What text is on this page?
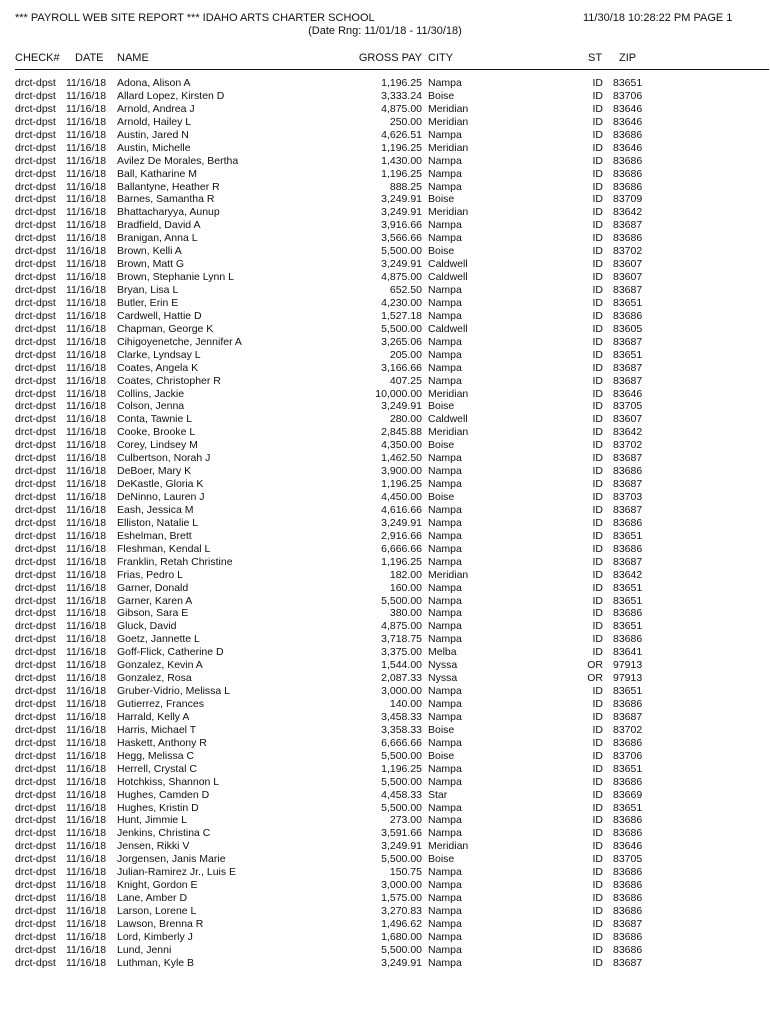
*** PAYROLL WEB SITE REPORT *** IDAHO ARTS CHARTER SCHOOL	11/30/18 10:28:22 PM PAGE 1
(Date Rng: 11/01/18 - 11/30/18)
CHECK# DATE NAME	GROSS PAY CITY	ST ZIP
drct-dpst 11/16/18 Adona, Alison A	1,196.25 Nampa	ID 83651
drct-dpst 11/16/18 Allard Lopez, Kirsten D	3,333.24 Boise	ID 83706
drct-dpst 11/16/18 Arnold, Andrea J	4,875.00 Meridian	ID 83646
drct-dpst 11/16/18 Arnold, Hailey L	250.00 Meridian	ID 83646
drct-dpst 11/16/18 Austin, Jared N	4,626.51 Nampa	ID 83686
drct-dpst 11/16/18 Austin, Michelle	1,196.25 Meridian	ID 83646
drct-dpst 11/16/18 Avilez De Morales, Bertha	1,430.00 Nampa	ID 83686
drct-dpst 11/16/18 Ball, Katharine M	1,196.25 Nampa	ID 83686
drct-dpst 11/16/18 Ballantyne, Heather R	888.25 Nampa	ID 83686
drct-dpst 11/16/18 Barnes, Samantha R	3,249.91 Boise	ID 83709
drct-dpst 11/16/18 Bhattacharyya, Aunup	3,249.91 Meridian	ID 83642
drct-dpst 11/16/18 Bradfield, David A	3,916.66 Nampa	ID 83687
drct-dpst 11/16/18 Branigan, Anna L	3,566.66 Nampa	ID 83686
drct-dpst 11/16/18 Brown, Kelli A	5,500.00 Boise	ID 83702
drct-dpst 11/16/18 Brown, Matt G	3,249.91 Caldwell	ID 83607
drct-dpst 11/16/18 Brown, Stephanie Lynn L	4,875.00 Caldwell	ID 83607
drct-dpst 11/16/18 Bryan, Lisa L	652.50 Nampa	ID 83687
drct-dpst 11/16/18 Butler, Erin E	4,230.00 Nampa	ID 83651
drct-dpst 11/16/18 Cardwell, Hattie D	1,527.18 Nampa	ID 83686
drct-dpst 11/16/18 Chapman, George K	5,500.00 Caldwell	ID 83605
drct-dpst 11/16/18 Cihigoyenetche, Jennifer A	3,265.06 Nampa	ID 83687
drct-dpst 11/16/18 Clarke, Lyndsay L	205.00 Nampa	ID 83651
drct-dpst 11/16/18 Coates, Angela K	3,166.66 Nampa	ID 83687
drct-dpst 11/16/18 Coates, Christopher R	407.25 Nampa	ID 83687
drct-dpst 11/16/18 Collins, Jackie	10,000.00 Meridian	ID 83646
drct-dpst 11/16/18 Colson, Jenna	3,249.91 Boise	ID 83705
drct-dpst 11/16/18 Conta, Tawnie L	280.00 Caldwell	ID 83607
drct-dpst 11/16/18 Cooke, Brooke L	2,845.88 Meridian	ID 83642
drct-dpst 11/16/18 Corey, Lindsey M	4,350.00 Boise	ID 83702
drct-dpst 11/16/18 Culbertson, Norah J	1,462.50 Nampa	ID 83687
drct-dpst 11/16/18 DeBoer, Mary K	3,900.00 Nampa	ID 83686
drct-dpst 11/16/18 DeKastle, Gloria K	1,196.25 Nampa	ID 83687
drct-dpst 11/16/18 DeNinno, Lauren J	4,450.00 Boise	ID 83703
drct-dpst 11/16/18 Eash, Jessica M	4,616.66 Nampa	ID 83687
drct-dpst 11/16/18 Elliston, Natalie L	3,249.91 Nampa	ID 83686
drct-dpst 11/16/18 Eshelman, Brett	2,916.66 Nampa	ID 83651
drct-dpst 11/16/18 Fleshman, Kendal L	6,666.66 Nampa	ID 83686
drct-dpst 11/16/18 Franklin, Retah Christine	1,196.25 Nampa	ID 83687
drct-dpst 11/16/18 Frias, Pedro L	182.00 Meridian	ID 83642
drct-dpst 11/16/18 Garner, Donald	160.00 Nampa	ID 83651
drct-dpst 11/16/18 Garner, Karen A	5,500.00 Nampa	ID 83651
drct-dpst 11/16/18 Gibson, Sara E	380.00 Nampa	ID 83686
drct-dpst 11/16/18 Gluck, David	4,875.00 Nampa	ID 83651
drct-dpst 11/16/18 Goetz, Jannette L	3,718.75 Nampa	ID 83686
drct-dpst 11/16/18 Goff-Flick, Catherine D	3,375.00 Melba	ID 83641
drct-dpst 11/16/18 Gonzalez, Kevin A	1,544.00 Nyssa	OR 97913
drct-dpst 11/16/18 Gonzalez, Rosa	2,087.33 Nyssa	OR 97913
drct-dpst 11/16/18 Gruber-Vidrio, Melissa L	3,000.00 Nampa	ID 83651
drct-dpst 11/16/18 Gutierrez, Frances	140.00 Nampa	ID 83686
drct-dpst 11/16/18 Harrald, Kelly A	3,458.33 Nampa	ID 83687
drct-dpst 11/16/18 Harris, Michael T	3,358.33 Boise	ID 83702
drct-dpst 11/16/18 Haskett, Anthony R	6,666.66 Nampa	ID 83686
drct-dpst 11/16/18 Hegg, Melissa C	5,500.00 Boise	ID 83706
drct-dpst 11/16/18 Herrell, Crystal C	1,196.25 Nampa	ID 83651
drct-dpst 11/16/18 Hotchkiss, Shannon L	5,500.00 Nampa	ID 83686
drct-dpst 11/16/18 Hughes, Camden D	4,458.33 Star	ID 83669
drct-dpst 11/16/18 Hughes, Kristin D	5,500.00 Nampa	ID 83651
drct-dpst 11/16/18 Hunt, Jimmie L	273.00 Nampa	ID 83686
drct-dpst 11/16/18 Jenkins, Christina C	3,591.66 Nampa	ID 83686
drct-dpst 11/16/18 Jensen, Rikki V	3,249.91 Meridian	ID 83646
drct-dpst 11/16/18 Jorgensen, Janis Marie	5,500.00 Boise	ID 83705
drct-dpst 11/16/18 Julian-Ramirez Jr., Luis E	150.75 Nampa	ID 83686
drct-dpst 11/16/18 Knight, Gordon E	3,000.00 Nampa	ID 83686
drct-dpst 11/16/18 Lane, Amber D	1,575.00 Nampa	ID 83686
drct-dpst 11/16/18 Larson, Lorene L	3,270.83 Nampa	ID 83686
drct-dpst 11/16/18 Lawson, Brenna R	1,496.62 Nampa	ID 83687
drct-dpst 11/16/18 Lord, Kimberly J	1,680.00 Nampa	ID 83686
drct-dpst 11/16/18 Lund, Jenni	5,500.00 Nampa	ID 83686
drct-dpst 11/16/18 Luthman, Kyle B	3,249.91 Nampa	ID 83687
